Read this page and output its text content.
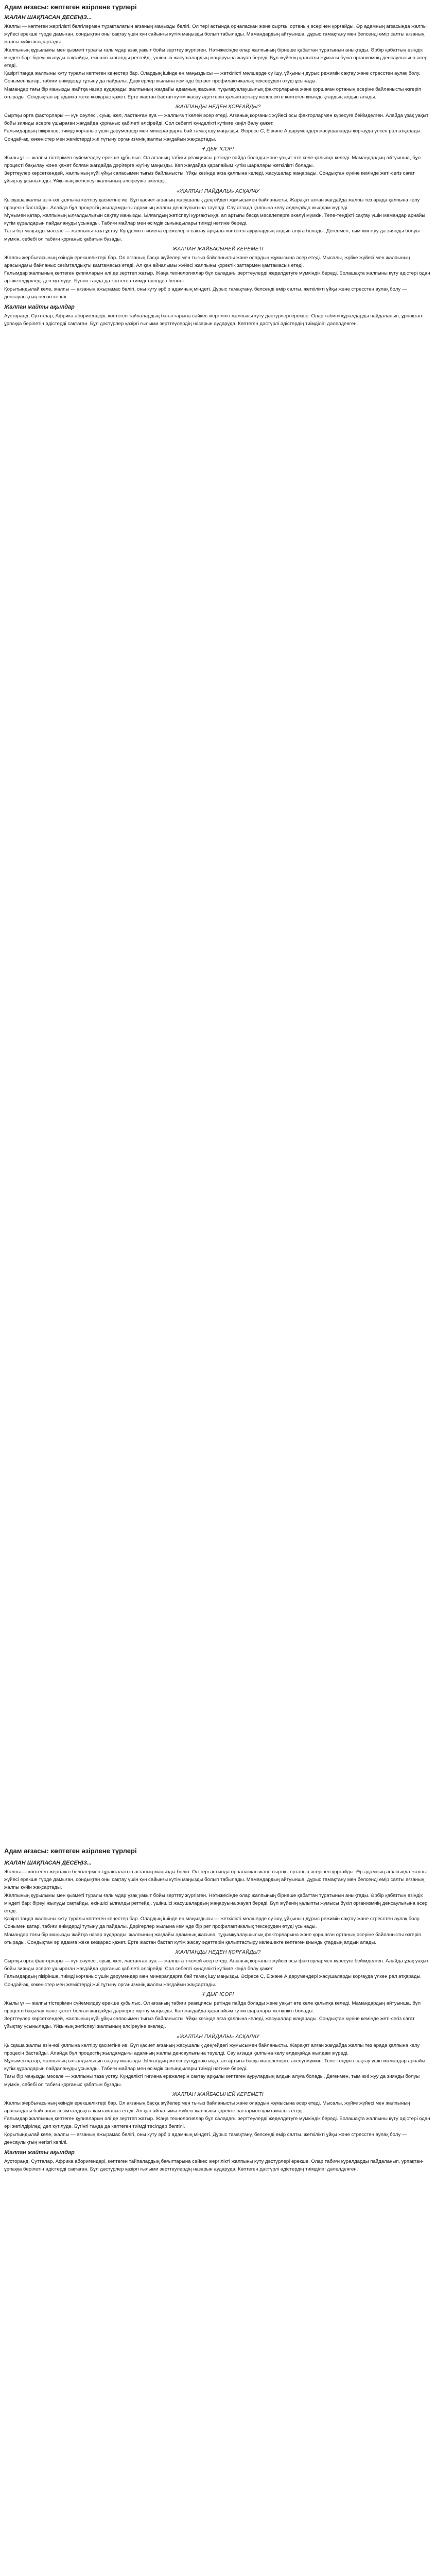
Адам ағзасы: көптеген әзірлене түрлері
ЖАЛАН ШАҚПАСАН ДЕСЕҢІЗ...

Жалпы — көптеген жергілікті белгілермен тұрақталатын ағзаның маңызды бөлігі. Ол тері астында орналасқан және сыртқы ортаның әсерінен қорғайды. Әр адамның ағзасында жалпы жүйесі ерекше түрде дамыған, сондықтан оны сақтау үшін күн сайынғы күтім маңызды болып табылады. Мамандардың айтуынша, дұрыс тамақтану мен белсенді өмір салты ағзаның жалпы күйін жақсартады.

Жалпының құрылымы мен қызметі туралы ғалымдар ұзақ уақыт бойы зерттеу жүргізген. Нәтижесінде олар жалпының бірнеше қабаттан тұратынын анықтады. Әрбір қабаттың өзіндік міндеті бар: біреуі жылуды сақтайды, екіншісі ылғалды реттейді, үшіншісі жасушалардың жаңаруына жауап береді. Бұл жүйенің қалыпты жұмысы бүкіл организмнің денсаулығына әсер етеді.

Қазіргі таңда жалпыны күту туралы көптеген кеңестер бар. Олардың ішінде ең маңыздысы — жеткілікті мөлшерде су ішу, ұйқының дұрыс режимін сақтау және стресстен аулақ болу. Сонымен қатар, табиғи өнімдерді тұтыну да пайдалы. Дәрігерлер жылына кемінде бір рет профилактикалық тексеруден өтуді ұсынады.

Мамандар тағы бір маңызды жайтқа назар аударады: жалпының жағдайы адамның жасына, тұқымқуалаушылық факторларына және қоршаған ортаның әсеріне байланысты өзгеріп отырады. Сондықтан әр адамға жеке көзқарас қажет. Ерте жастан бастап күтім жасау әдеттерін қалыптастыру келешекте көптеген қиындықтардың алдын алады.

ЖАЛПАНДЫ НЕДЕН ҚОРҒАЙДЫ?

Сыртқы орта факторлары — күн сәулесі, суық, жел, ластанған ауа — жалпыға тікелей әсер етеді. Ағзаның қорғаныс жүйесі осы факторлармен күресуге бейімделген. Алайда ұзақ уақыт бойы зиянды әсерге ұшыраған жағдайда қорғаныс қабілеті әлсірейді. Сол себепті күнделікті күтімге көңіл бөлу қажет.

Ғалымдардың пікірінше, тиімді қорғаныс үшін дәрумендер мен минералдарға бай тамақ ішу маңызды. Әсіресе С, Е және А дәрумендері жасушаларды қорғауда үлкен рөл атқарады. Сондай-ақ, көкөністер мен жемістерді жиі тұтыну организмнің жалпы жағдайын жақсартады.

Ұ ДЫҒ ІСОРІ

Жылы ұғ — жалпы тістерімен сүйемелдеу ерекше құбылыс. Ол ағзаның табиғи реакциясы ретінде пайда болады және уақыт өте келе қалыпқа келеді. Мамандардың айтуынша, бұл процесті бақылау және қажет болған жағдайда дәрігерге жүгіну маңызды. Көп жағдайда қарапайым күтім шаралары жеткілікті болады.

Зерттеулер көрсеткендей, жалпының күйі ұйқы сапасымен тығыз байланысты. Ұйқы кезінде ағза қалпына келеді, жасушалар жаңарады. Сондықтан күніне кемінде жеті-сегіз сағат ұйықтау ұсынылады. Ұйқының жетіспеуі жалпының әлсіреуіне әкеледі.

«ЖАЛПАН ПАЙДАЛЫ» АСҚАЛАУ

Қысқаша жалпы өзін-өзі қалпына келтіру қасиетіне ие. Бұл қасиет ағзаның жасушалық деңгейдегі жұмысымен байланысты. Жарақат алған жағдайда жалпы тез арада қалпына келу процесін бастайды. Алайда бұл процестің жылдамдығы адамның жалпы денсаулығына тәуелді. Сау ағзада қалпына келу әлдеқайда жылдам жүреді.

Мұнымен қатар, жалпының ылғалдылығын сақтау маңызды. Ылғалдың жетіспеуі құрғақтыққа, ал артығы басқа мәселелерге әкелуі мүмкін. Тепе-теңдікті сақтау үшін мамандар арнайы күтім құралдарын пайдалануды ұсынады. Табиғи майлар мен өсімдік сығындылары тиімді нәтиже береді.

Тағы бір маңызды мәселе — жалпыны таза ұстау. Күнделікті гигиена ережелерін сақтау арқылы көптеген аурулардың алдын алуға болады. Дегенмен, тым жиі жуу да зиянды болуы мүмкін, себебі ол табиғи қорғаныс қабатын бұзады.

ЖАЛПАН ЖАЙБАСЫНЕЙ КЕРЕМЕТІ

Жалпы жербығасының өзіндік ерекшеліктері бар. Ол ағзаның басқа жүйелерімен тығыз байланысты және олардың жұмысына әсер етеді. Мысалы, жүйке жүйесі мен жалпының арасындағы байланыс сезімталдықты қамтамасыз етеді. Ал қан айналымы жүйесі жалпыны қоректік заттармен қамтамасыз етеді.

Ғалымдар жалпының көптеген құпияларын әлі де зерттеп жатыр. Жаңа технологиялар бұл саладағы зерттеулерді жеделдетуге мүмкіндік береді. Болашақта жалпыны күту әдістері одан әрі жетілдіріледі деп күтілуде. Бүгінгі таңда да көптеген тиімді тәсілдер белгілі.

Қорытындылай келе, жалпы — ағзаның ажырамас бөлігі, оны күту әрбір адамның міндеті. Дұрыс тамақтану, белсенді өмір салты, жеткілікті ұйқы және стресстен аулақ болу — денсаулықтың негізгі кепілі.

Жалпан жайты ақылдар

Аусторанд, Сутталар, Африка аборигендері, көптеген тайпалардың бағыттарына сәйкес жергілікті жалпыны күту дәстүрлері ерекше. Олар табиғи құралдарды пайдаланып, ұрпақтан-ұрпаққа берілетін әдістерді сақтаған. Бұл дәстүрлер қазіргі ғылыми зерттеулердің назарын аударуда. Көптеген дәстүрлі әдістердің тиімділігі дәлелденген.

Адам ағзасы: көптеген әзірлене түрлері
ЖАЛАН ШАҚПАСАН ДЕСЕҢІЗ...

Жалпы — көптеген жергілікті белгілермен тұрақталатын ағзаның маңызды бөлігі. Ол тері астында орналасқан және сыртқы ортаның әсерінен қорғайды. Әр адамның ағзасында жалпы жүйесі ерекше түрде дамыған, сондықтан оны сақтау үшін күн сайынғы күтім маңызды болып табылады. Мамандардың айтуынша, дұрыс тамақтану мен белсенді өмір салты ағзаның жалпы күйін жақсартады.

Жалпының құрылымы мен қызметі туралы ғалымдар ұзақ уақыт бойы зерттеу жүргізген. Нәтижесінде олар жалпының бірнеше қабаттан тұратынын анықтады. Әрбір қабаттың өзіндік міндеті бар: біреуі жылуды сақтайды, екіншісі ылғалды реттейді, үшіншісі жасушалардың жаңаруына жауап береді. Бұл жүйенің қалыпты жұмысы бүкіл организмнің денсаулығына әсер етеді.

Қазіргі таңда жалпыны күту туралы көптеген кеңестер бар. Олардың ішінде ең маңыздысы — жеткілікті мөлшерде су ішу, ұйқының дұрыс режимін сақтау және стресстен аулақ болу. Сонымен қатар, табиғи өнімдерді тұтыну да пайдалы. Дәрігерлер жылына кемінде бір рет профилактикалық тексеруден өтуді ұсынады.

Мамандар тағы бір маңызды жайтқа назар аударады: жалпының жағдайы адамның жасына, тұқымқуалаушылық факторларына және қоршаған ортаның әсеріне байланысты өзгеріп отырады. Сондықтан әр адамға жеке көзқарас қажет. Ерте жастан бастап күтім жасау әдеттерін қалыптастыру келешекте көптеген қиындықтардың алдын алады.

ЖАЛПАНДЫ НЕДЕН ҚОРҒАЙДЫ?

Сыртқы орта факторлары — күн сәулесі, суық, жел, ластанған ауа — жалпыға тікелей әсер етеді. Ағзаның қорғаныс жүйесі осы факторлармен күресуге бейімделген. Алайда ұзақ уақыт бойы зиянды әсерге ұшыраған жағдайда қорғаныс қабілеті әлсірейді. Сол себепті күнделікті күтімге көңіл бөлу қажет.

Ғалымдардың пікірінше, тиімді қорғаныс үшін дәрумендер мен минералдарға бай тамақ ішу маңызды. Әсіресе С, Е және А дәрумендері жасушаларды қорғауда үлкен рөл атқарады. Сондай-ақ, көкөністер мен жемістерді жиі тұтыну организмнің жалпы жағдайын жақсартады.

Ұ ДЫҒ ІСОРІ

Жылы ұғ — жалпы тістерімен сүйемелдеу ерекше құбылыс. Ол ағзаның табиғи реакциясы ретінде пайда болады және уақыт өте келе қалыпқа келеді. Мамандардың айтуынша, бұл процесті бақылау және қажет болған жағдайда дәрігерге жүгіну маңызды. Көп жағдайда қарапайым күтім шаралары жеткілікті болады.

Зерттеулер көрсеткендей, жалпының күйі ұйқы сапасымен тығыз байланысты. Ұйқы кезінде ағза қалпына келеді, жасушалар жаңарады. Сондықтан күніне кемінде жеті-сегіз сағат ұйықтау ұсынылады. Ұйқының жетіспеуі жалпының әлсіреуіне әкеледі.

«ЖАЛПАН ПАЙДАЛЫ» АСҚАЛАУ

Қысқаша жалпы өзін-өзі қалпына келтіру қасиетіне ие. Бұл қасиет ағзаның жасушалық деңгейдегі жұмысымен байланысты. Жарақат алған жағдайда жалпы тез арада қалпына келу процесін бастайды. Алайда бұл процестің жылдамдығы адамның жалпы денсаулығына тәуелді. Сау ағзада қалпына келу әлдеқайда жылдам жүреді.

Мұнымен қатар, жалпының ылғалдылығын сақтау маңызды. Ылғалдың жетіспеуі құрғақтыққа, ал артығы басқа мәселелерге әкелуі мүмкін. Тепе-теңдікті сақтау үшін мамандар арнайы күтім құралдарын пайдалануды ұсынады. Табиғи майлар мен өсімдік сығындылары тиімді нәтиже береді.

Тағы бір маңызды мәселе — жалпыны таза ұстау. Күнделікті гигиена ережелерін сақтау арқылы көптеген аурулардың алдын алуға болады. Дегенмен, тым жиі жуу да зиянды болуы мүмкін, себебі ол табиғи қорғаныс қабатын бұзады.

ЖАЛПАН ЖАЙБАСЫНЕЙ КЕРЕМЕТІ

Жалпы жербығасының өзіндік ерекшеліктері бар. Ол ағзаның басқа жүйелерімен тығыз байланысты және олардың жұмысына әсер етеді. Мысалы, жүйке жүйесі мен жалпының арасындағы байланыс сезімталдықты қамтамасыз етеді. Ал қан айналымы жүйесі жалпыны қоректік заттармен қамтамасыз етеді.

Ғалымдар жалпының көптеген құпияларын әлі де зерттеп жатыр. Жаңа технологиялар бұл саладағы зерттеулерді жеделдетуге мүмкіндік береді. Болашақта жалпыны күту әдістері одан әрі жетілдіріледі деп күтілуде. Бүгінгі таңда да көптеген тиімді тәсілдер белгілі.

Қорытындылай келе, жалпы — ағзаның ажырамас бөлігі, оны күту әрбір адамның міндеті. Дұрыс тамақтану, белсенді өмір салты, жеткілікті ұйқы және стресстен аулақ болу — денсаулықтың негізгі кепілі.

Жалпан жайты ақылдар

Аусторанд, Сутталар, Африка аборигендері, көптеген тайпалардың бағыттарына сәйкес жергілікті жалпыны күту дәстүрлері ерекше. Олар табиғи құралдарды пайдаланып, ұрпақтан-ұрпаққа берілетін әдістерді сақтаған. Бұл дәстүрлер қазіргі ғылыми зерттеулердің назарын аударуда. Көптеген дәстүрлі әдістердің тиімділігі дәлелденген.
